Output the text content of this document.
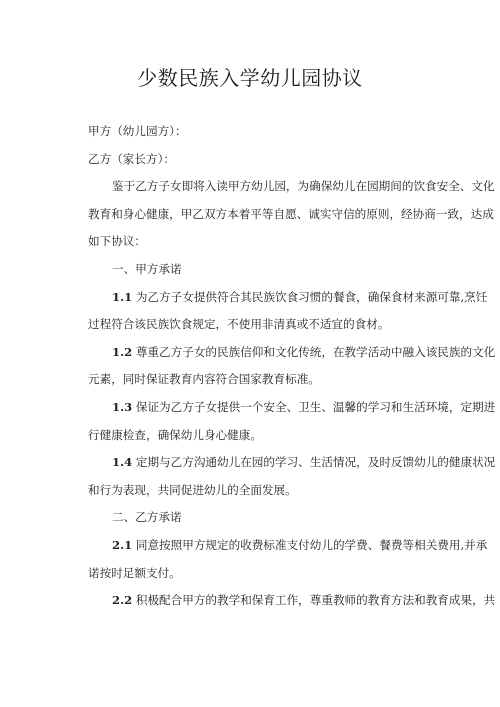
少数民族入学幼儿园协议
甲方（幼儿园方）：
乙方（家长方）：
鉴于乙方子女即将入读甲方幼儿园，为确保幼儿在园期间的饮食安全、文化
教育和身心健康，甲乙双方本着平等自愿、诚实守信的原则，经协商一致，达成
如下协议：
一、甲方承诺
1.1 为乙方子女提供符合其民族饮食习惯的餐食，确保食材来源可靠,烹饪
过程符合该民族饮食规定，不使用非清真或不适宜的食材。
1.2 尊重乙方子女的民族信仰和文化传统，在教学活动中融入该民族的文化
元素，同时保证教育内容符合国家教育标准。
1.3 保证为乙方子女提供一个安全、卫生、温馨的学习和生活环境，定期进
行健康检查，确保幼儿身心健康。
1.4 定期与乙方沟通幼儿在园的学习、生活情况，及时反馈幼儿的健康状况
和行为表现，共同促进幼儿的全面发展。
二、乙方承诺
2.1 同意按照甲方规定的收费标准支付幼儿的学费、餐费等相关费用,并承
诺按时足额支付。
2.2 积极配合甲方的教学和保育工作，尊重教师的教育方法和教育成果，共
